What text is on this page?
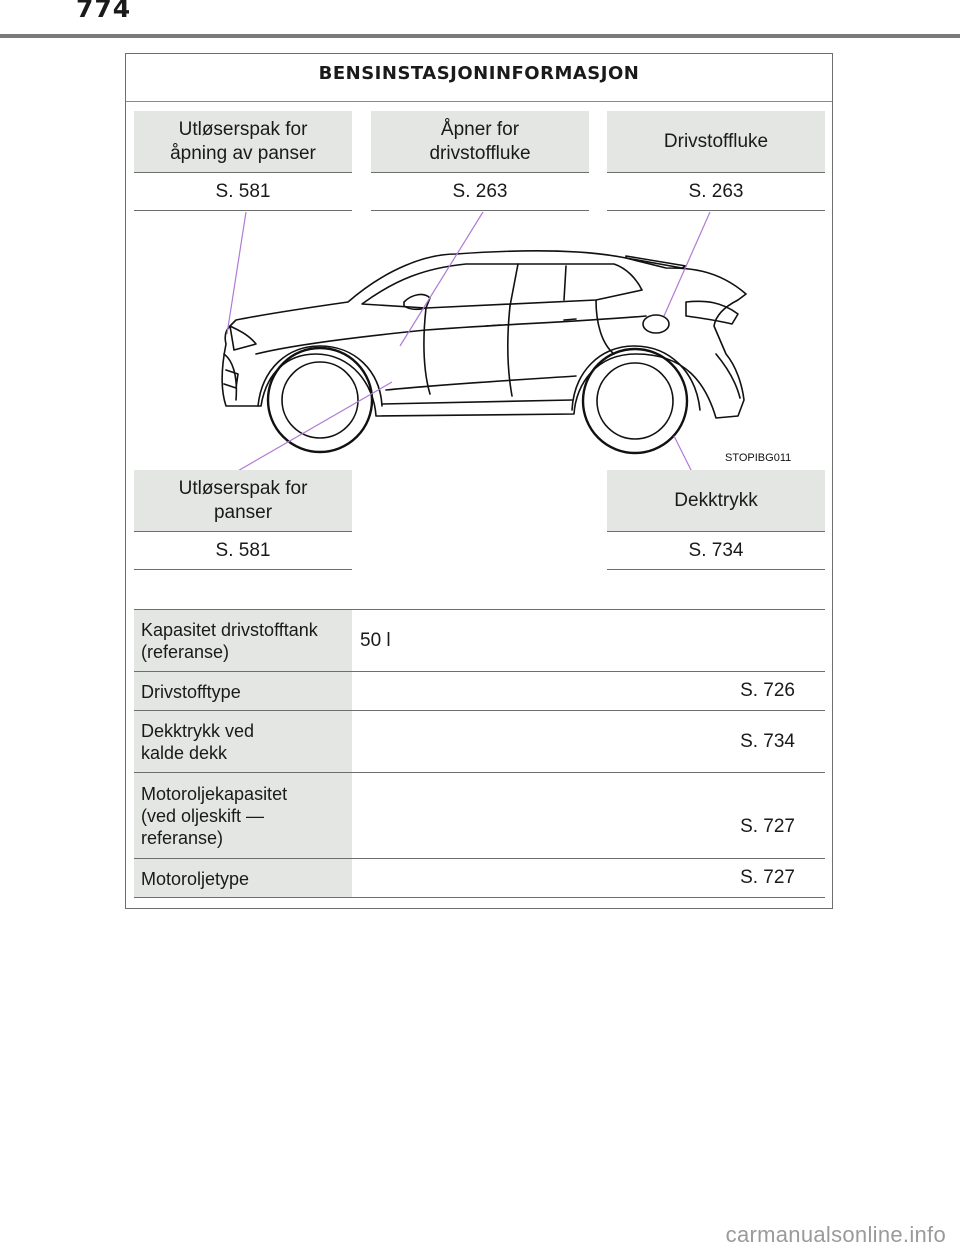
774
BENSINSTASJONINFORMASJON
STOPIBG011
Utløserspak for
åpning av panser
S. 581
Åpner for
drivstoffluke
S. 263
Drivstoffluke
S. 263
Utløserspak for
panser
S. 581
Dekktrykk
S. 734
Kapasitet drivstofftank (referanse)
50 l
Drivstofftype	S. 726
Dekktrykk ved
kalde dekk
S. 734
Motoroljekapasitet
(ved oljeskift —
referanse)
S. 727
Motoroljetype	S. 727
carmanualsonline.info
